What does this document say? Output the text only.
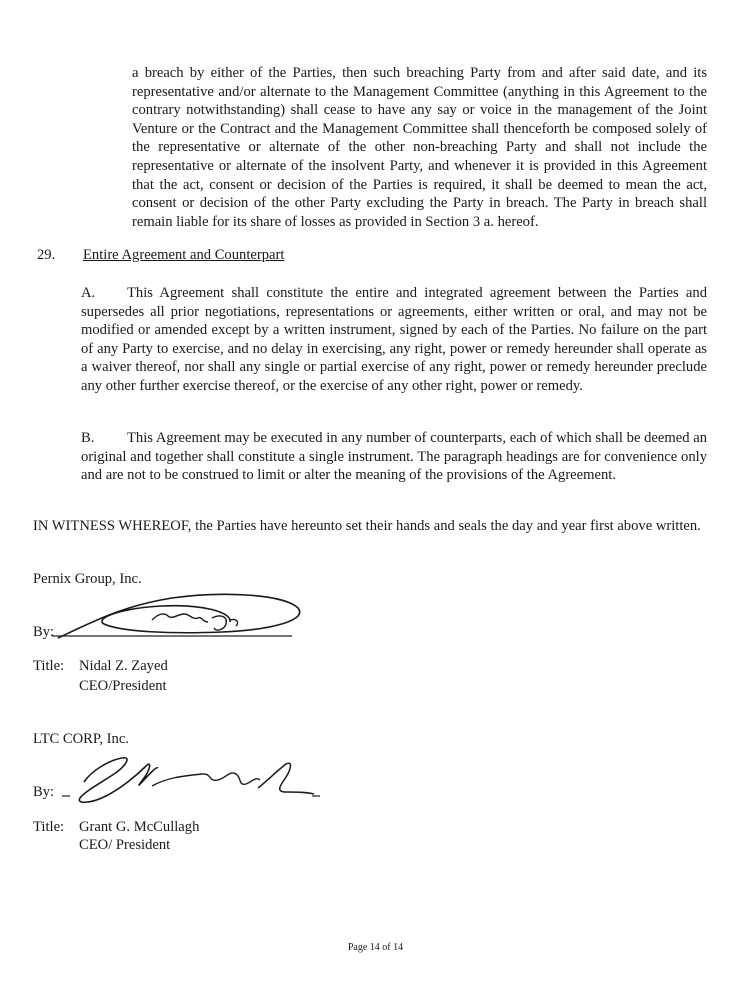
a breach by either of the Parties, then such breaching Party from and after said date, and its representative and/or alternate to the Management Committee (anything in this Agreement to the contrary notwithstanding) shall cease to have any say or voice in the management of the Joint Venture or the Contract and the Management Committee shall thenceforth be composed solely of the representative or alternate of the other non-breaching Party and shall not include the representative or alternate of the insolvent Party, and whenever it is provided in this Agreement that the act, consent or decision of the Parties is required, it shall be deemed to mean the act, consent or decision of the other Party excluding the Party in breach. The Party in breach shall remain liable for its share of losses as provided in Section 3 a. hereof.

29. Entire Agreement and Counterpart

A. This Agreement shall constitute the entire and integrated agreement between the Parties and supersedes all prior negotiations, representations or agreements, either written or oral, and may not be modified or amended except by a written instrument, signed by each of the Parties. No failure on the part of any Party to exercise, and no delay in exercising, any right, power or remedy hereunder shall operate as a waiver thereof, nor shall any single or partial exercise of any right, power or remedy hereunder preclude any other further exercise thereof, or the exercise of any other right, power or remedy.

B. This Agreement may be executed in any number of counterparts, each of which shall be deemed an original and together shall constitute a single instrument. The paragraph headings are for convenience only and are not to be construed to limit or alter the meaning of the provisions of the Agreement.

IN WITNESS WHEREOF, the Parties have hereunto set their hands and seals the day and year first above written.

Pernix Group, Inc.
By:
Title: Nidal Z. Zayed
CEO/President
LTC CORP, Inc.
By:
Title: Grant G. McCullagh
CEO/ President
Page 14 of 14
